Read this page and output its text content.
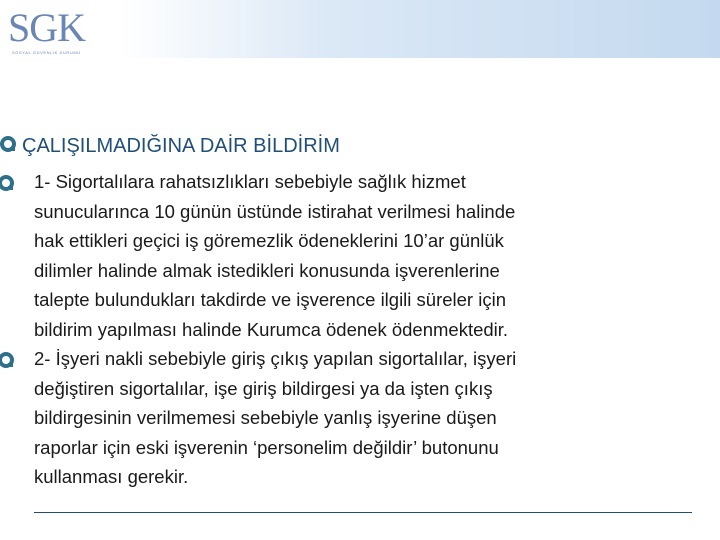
SGK
SOSYAL GÜVENLİK KURUMU
ÇALIŞILMADIĞINA DAİR BİLDİRİM
1- Sigortalılara rahatsızlıkları sebebiyle sağlık hizmet
sunucularınca 10 günün üstünde istirahat verilmesi halinde
hak ettikleri geçici iş göremezlik ödeneklerini 10’ar günlük
dilimler halinde almak istedikleri konusunda işverenlerine
talepte bulundukları takdirde ve işverence ilgili süreler için
bildirim yapılması halinde Kurumca ödenek ödenmektedir.
2- İşyeri nakli sebebiyle giriş çıkış yapılan sigortalılar, işyeri
değiştiren sigortalılar, işe giriş bildirgesi ya da işten çıkış
bildirgesinin verilmemesi sebebiyle yanlış işyerine düşen
raporlar için eski işverenin ‘personelim değildir’ butonunu
kullanması gerekir.
